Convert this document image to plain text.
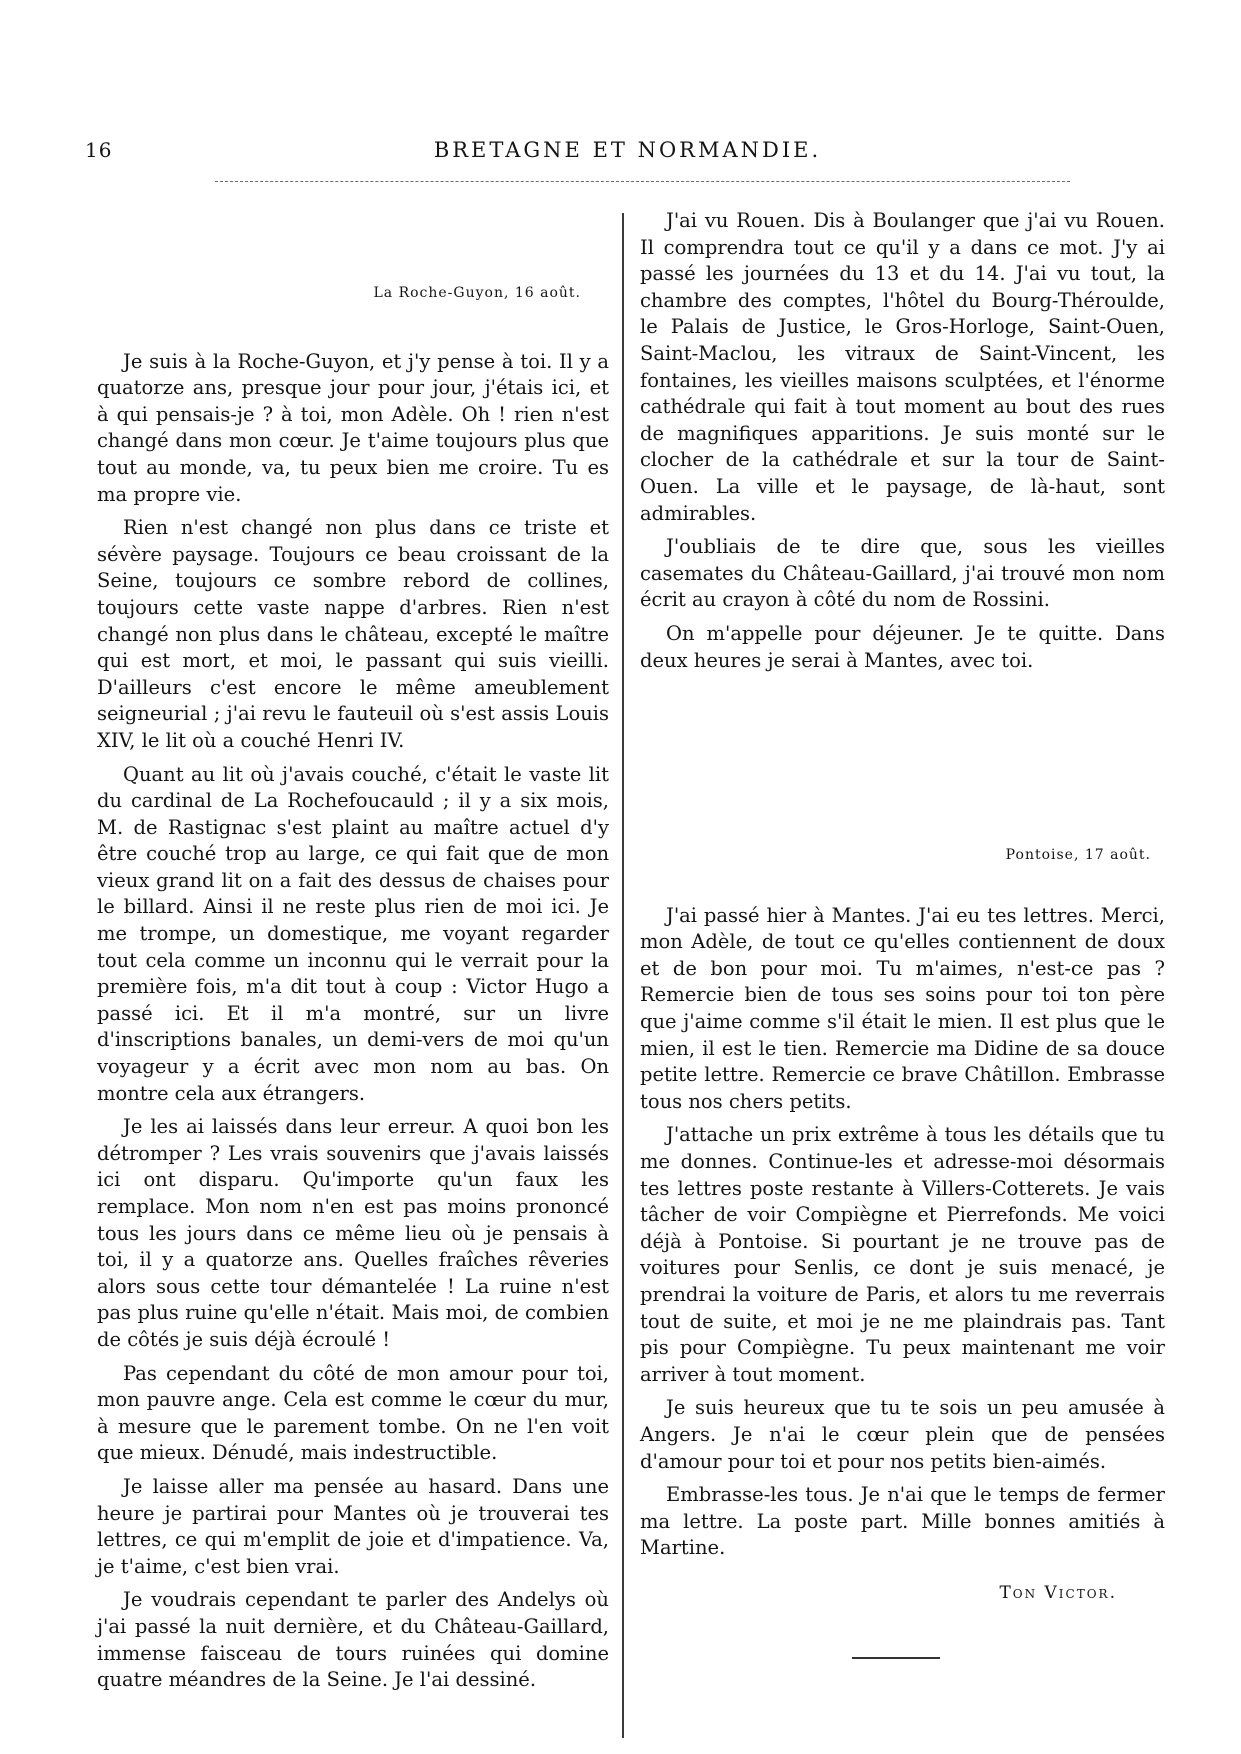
16	BRETAGNE ET NORMANDIE.

La Roche-Guyon, 16 août.

Je suis à la Roche-Guyon, et j'y pense à toi. Il y a quatorze ans, presque jour pour jour, j'étais ici, et à qui pensais-je ? à toi, mon Adèle. Oh ! rien n'est changé dans mon cœur. Je t'aime toujours plus que tout au monde, va, tu peux bien me croire. Tu es ma propre vie.

Rien n'est changé non plus dans ce triste et sévère paysage. Toujours ce beau croissant de la Seine, toujours ce sombre rebord de collines, toujours cette vaste nappe d'arbres. Rien n'est changé non plus dans le château, excepté le maître qui est mort, et moi, le passant qui suis vieilli. D'ailleurs c'est encore le même ameublement seigneurial ; j'ai revu le fauteuil où s'est assis Louis XIV, le lit où a couché Henri IV.

Quant au lit où j'avais couché, c'était le vaste lit du cardinal de La Rochefoucauld ; il y a six mois, M. de Rastignac s'est plaint au maître actuel d'y être couché trop au large, ce qui fait que de mon vieux grand lit on a fait des dessus de chaises pour le billard. Ainsi il ne reste plus rien de moi ici. Je me trompe, un domestique, me voyant regarder tout cela comme un inconnu qui le verrait pour la première fois, m'a dit tout à coup : Victor Hugo a passé ici. Et il m'a montré, sur un livre d'inscriptions banales, un demi-vers de moi qu'un voyageur y a écrit avec mon nom au bas. On montre cela aux étrangers.

Je les ai laissés dans leur erreur. A quoi bon les détromper ? Les vrais souvenirs que j'avais laissés ici ont disparu. Qu'importe qu'un faux les remplace. Mon nom n'en est pas moins prononcé tous les jours dans ce même lieu où je pensais à toi, il y a quatorze ans. Quelles fraîches rêveries alors sous cette tour démantelée ! La ruine n'est pas plus ruine qu'elle n'était. Mais moi, de combien de côtés je suis déjà écroulé !

Pas cependant du côté de mon amour pour toi, mon pauvre ange. Cela est comme le cœur du mur, à mesure que le parement tombe. On ne l'en voit que mieux. Dénudé, mais indestructible.

Je laisse aller ma pensée au hasard. Dans une heure je partirai pour Mantes où je trouverai tes lettres, ce qui m'emplit de joie et d'impatience. Va, je t'aime, c'est bien vrai.

Je voudrais cependant te parler des Andelys où j'ai passé la nuit dernière, et du Château-Gaillard, immense faisceau de tours ruinées qui domine quatre méandres de la Seine. Je l'ai dessiné.

J'ai vu Rouen. Dis à Boulanger que j'ai vu Rouen. Il comprendra tout ce qu'il y a dans ce mot. J'y ai passé les journées du 13 et du 14. J'ai vu tout, la chambre des comptes, l'hôtel du Bourg-Théroulde, le Palais de Justice, le Gros-Horloge, Saint-Ouen, Saint-Maclou, les vitraux de Saint-Vincent, les fontaines, les vieilles maisons sculptées, et l'énorme cathédrale qui fait à tout moment au bout des rues de magnifiques apparitions. Je suis monté sur le clocher de la cathédrale et sur la tour de Saint-Ouen. La ville et le paysage, de là-haut, sont admirables.

J'oubliais de te dire que, sous les vieilles casemates du Château-Gaillard, j'ai trouvé mon nom écrit au crayon à côté du nom de Rossini.

On m'appelle pour déjeuner. Je te quitte. Dans deux heures je serai à Mantes, avec toi.

Pontoise, 17 août.

J'ai passé hier à Mantes. J'ai eu tes lettres. Merci, mon Adèle, de tout ce qu'elles contiennent de doux et de bon pour moi. Tu m'aimes, n'est-ce pas ? Remercie bien de tous ses soins pour toi ton père que j'aime comme s'il était le mien. Il est plus que le mien, il est le tien. Remercie ma Didine de sa douce petite lettre. Remercie ce brave Châtillon. Embrasse tous nos chers petits.

J'attache un prix extrême à tous les détails que tu me donnes. Continue-les et adresse-moi désormais tes lettres poste restante à Villers-Cotterets. Je vais tâcher de voir Compiègne et Pierrefonds. Me voici déjà à Pontoise. Si pourtant je ne trouve pas de voitures pour Senlis, ce dont je suis menacé, je prendrai la voiture de Paris, et alors tu me reverrais tout de suite, et moi je ne me plaindrais pas. Tant pis pour Compiègne. Tu peux maintenant me voir arriver à tout moment.

Je suis heureux que tu te sois un peu amusée à Angers. Je n'ai le cœur plein que de pensées d'amour pour toi et pour nos petits bien-aimés.

Embrasse-les tous. Je n'ai que le temps de fermer ma lettre. La poste part. Mille bonnes amitiés à Martine.

Ton Victor.
